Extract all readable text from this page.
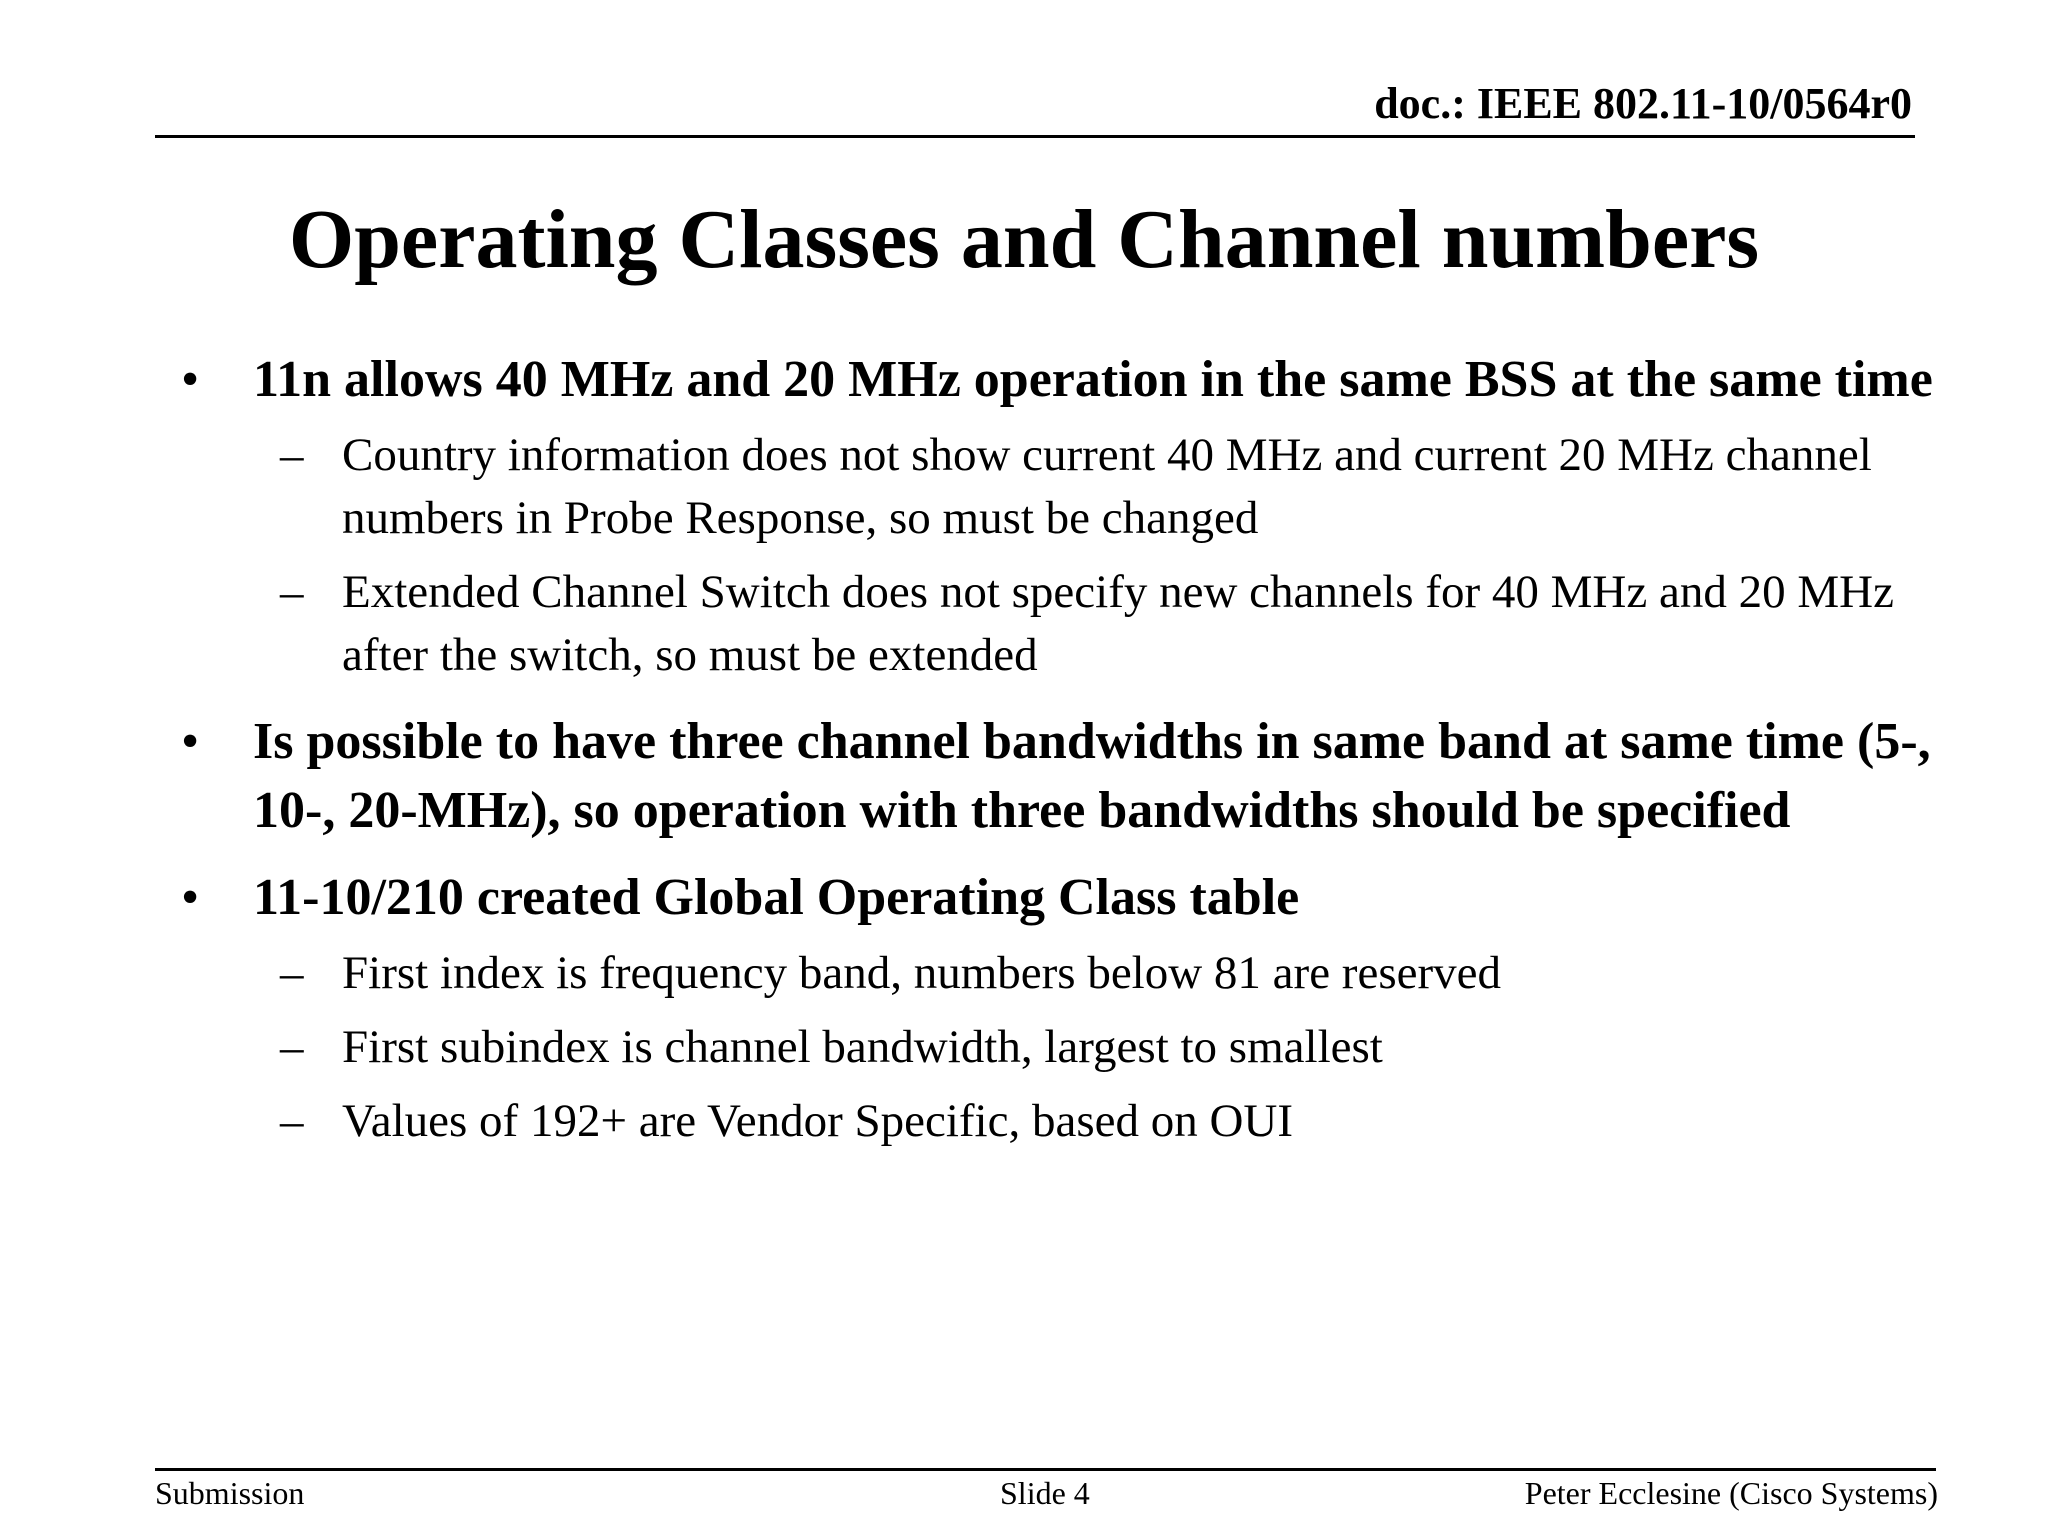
doc.: IEEE 802.11-10/0564r0
Operating Classes and Channel numbers
•	11n allows 40 MHz and 20 MHz operation in the same BSS at the same time
– Country information does not show current 40 MHz and current 20 MHz channel numbers in Probe Response, so must be changed
– Extended Channel Switch does not specify new channels for 40 MHz and 20 MHz after the switch, so must be extended
•	Is possible to have three channel bandwidths in same band at same time (5-, 10-, 20-MHz), so operation with three bandwidths should be specified
•	11-10/210 created Global Operating Class table
– First index is frequency band, numbers below 81 are reserved
– First subindex is channel bandwidth, largest to smallest
– Values of 192+ are Vendor Specific, based on OUI
Submission	Slide 4	Peter Ecclesine (Cisco Systems)
